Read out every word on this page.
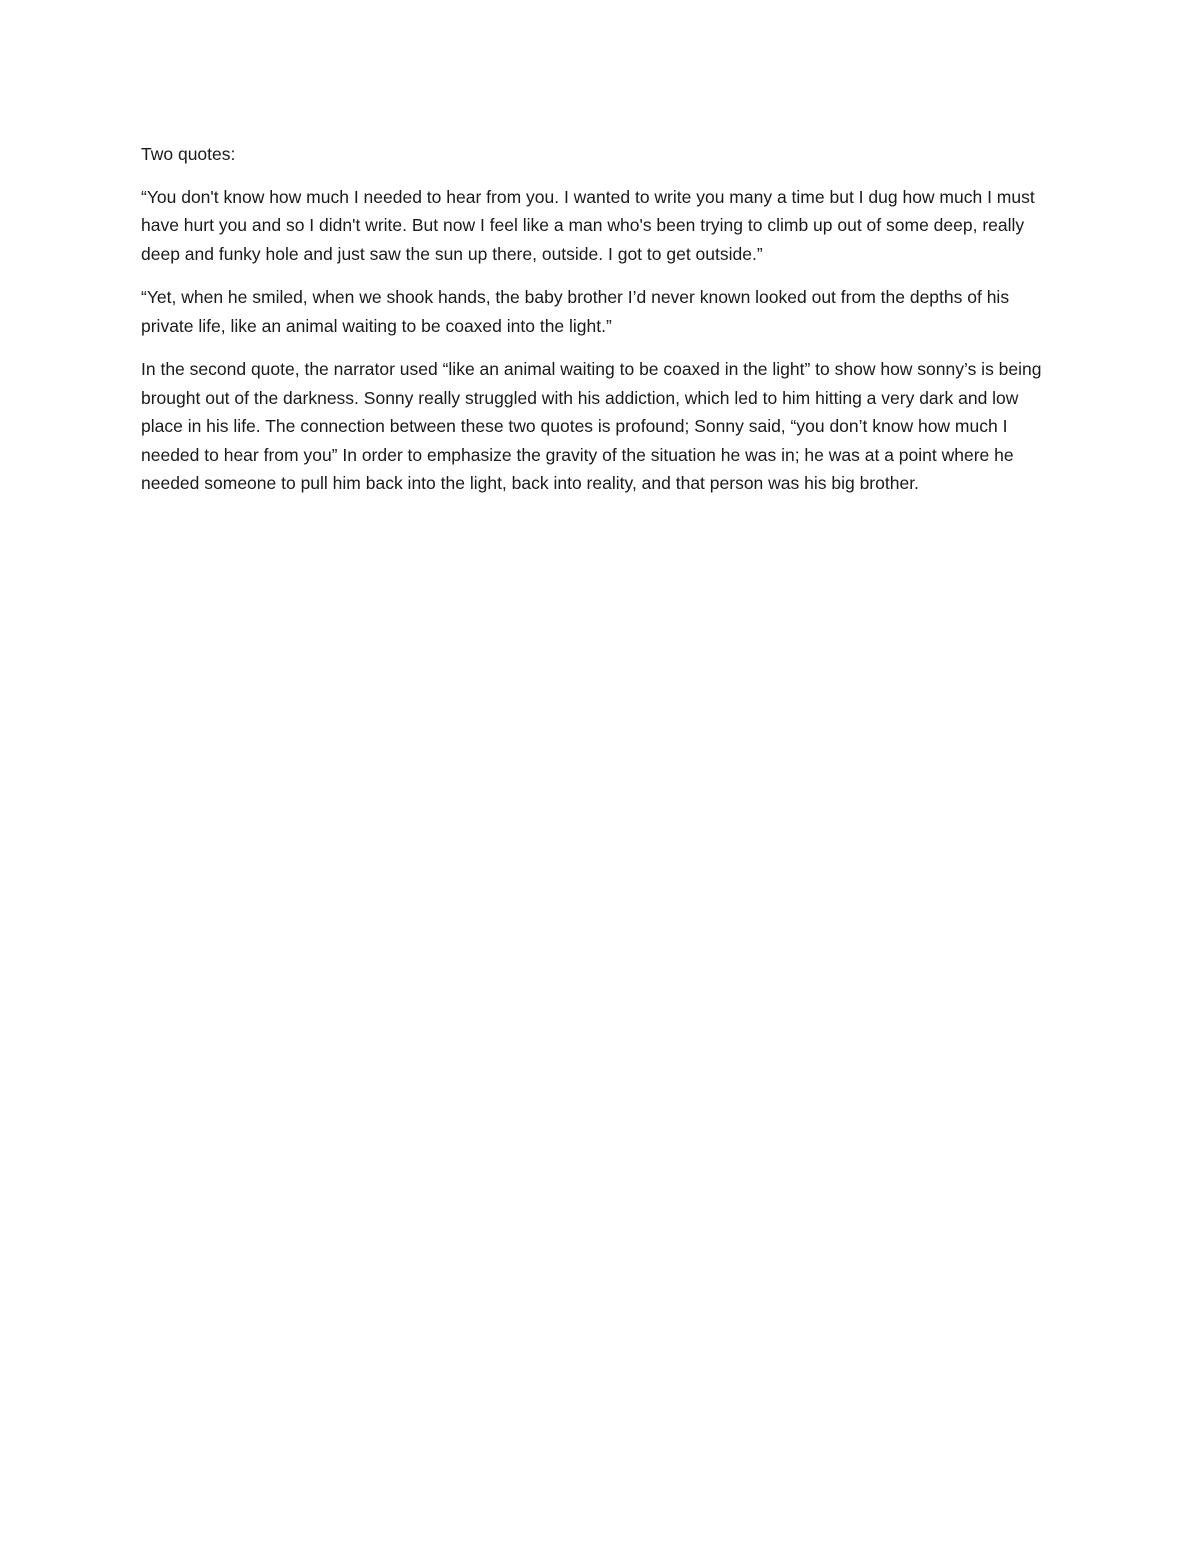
Two quotes:

“You don't know how much I needed to hear from you. I wanted to write you many a time but I dug how much I must have hurt you and so I didn't write. But now I feel like a man who's been trying to climb up out of some deep, really deep and funky hole and just saw the sun up there, outside. I got to get outside.”

“Yet, when he smiled, when we shook hands, the baby brother I’d never known looked out from the depths of his private life, like an animal waiting to be coaxed into the light.”

In the second quote, the narrator used “like an animal waiting to be coaxed in the light” to show how sonny’s is being brought out of the darkness. Sonny really struggled with his addiction, which led to him hitting a very dark and low place in his life. The connection between these two quotes is profound; Sonny said, “you don’t know how much I needed to hear from you” In order to emphasize the gravity of the situation he was in; he was at a point where he needed someone to pull him back into the light, back into reality, and that person was his big brother.
